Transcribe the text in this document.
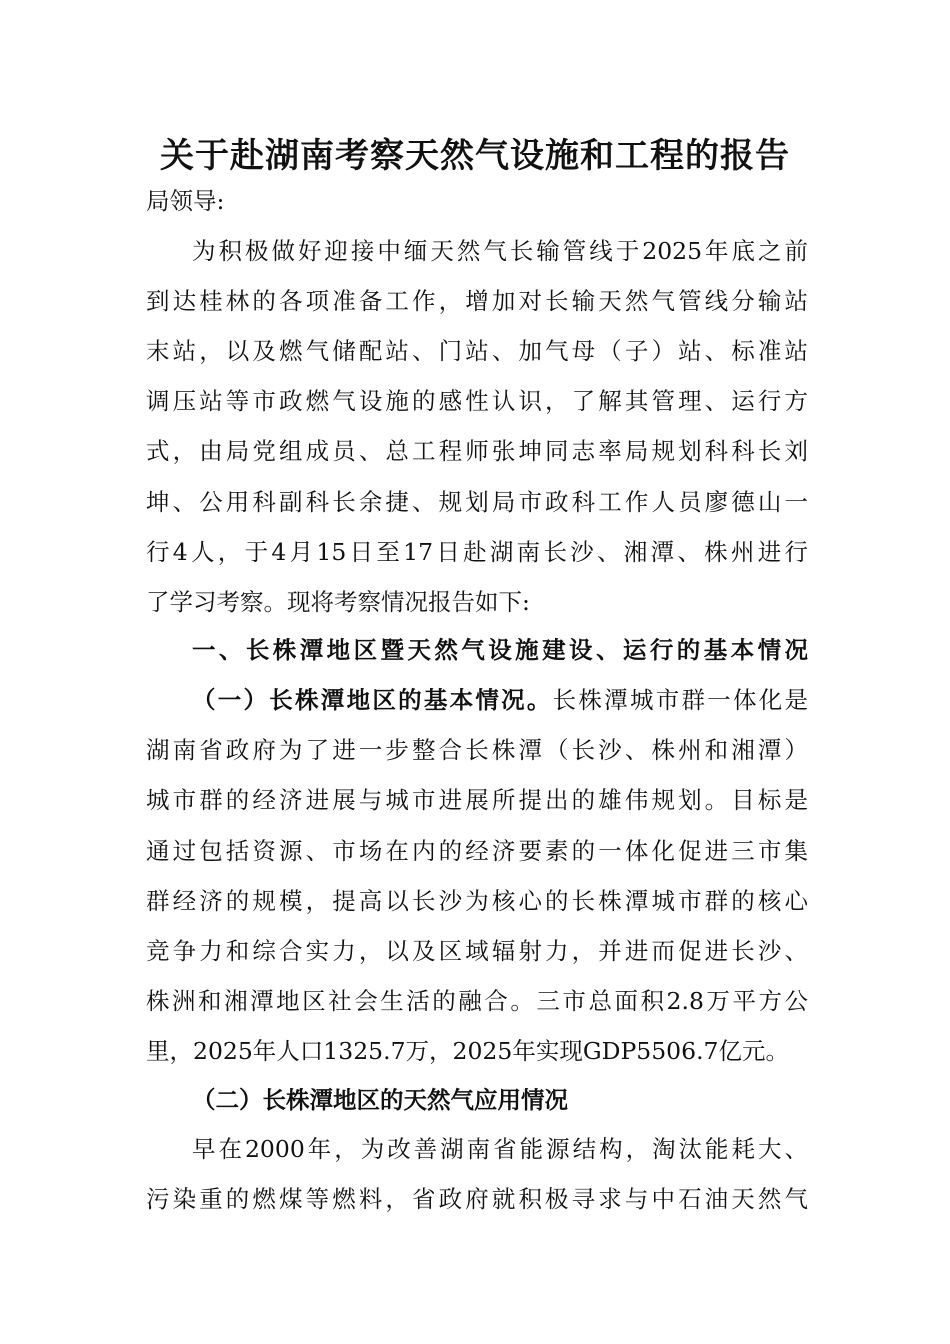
关于赴湖南考察天然气设施和工程的报告
局领导:
为积极做好迎接中缅天然气长输管线于2025年底之前
到达桂林的各项准备工作，增加对长输天然气管线分输站
末站，以及燃气储配站、门站、加气母（子）站、标准站
调压站等市政燃气设施的感性认识，了解其管理、运行方
式，由局党组成员、总工程师张坤同志率局规划科科长刘
坤、公用科副科长余捷、规划局市政科工作人员廖德山一
行4人，于4月15日至17日赴湖南长沙、湘潭、株州进行
了学习考察。现将考察情况报告如下:
一、长株潭地区暨天然气设施建设、运行的基本情况
（一）长株潭地区的基本情况。长株潭城市群一体化是
湖南省政府为了进一步整合长株潭（长沙、株州和湘潭）
城市群的经济进展与城市进展所提出的雄伟规划。目标是
通过包括资源、市场在内的经济要素的一体化促进三市集
群经济的规模，提高以长沙为核心的长株潭城市群的核心
竞争力和综合实力，以及区域辐射力，并进而促进长沙、
株洲和湘潭地区社会生活的融合。三市总面积2.8万平方公
里，2025年人口1325.7万，2025年实现GDP5506.7亿元。
（二）长株潭地区的天然气应用情况
早在2000年，为改善湖南省能源结构，淘汰能耗大、
污染重的燃煤等燃料，省政府就积极寻求与中石油天然气
